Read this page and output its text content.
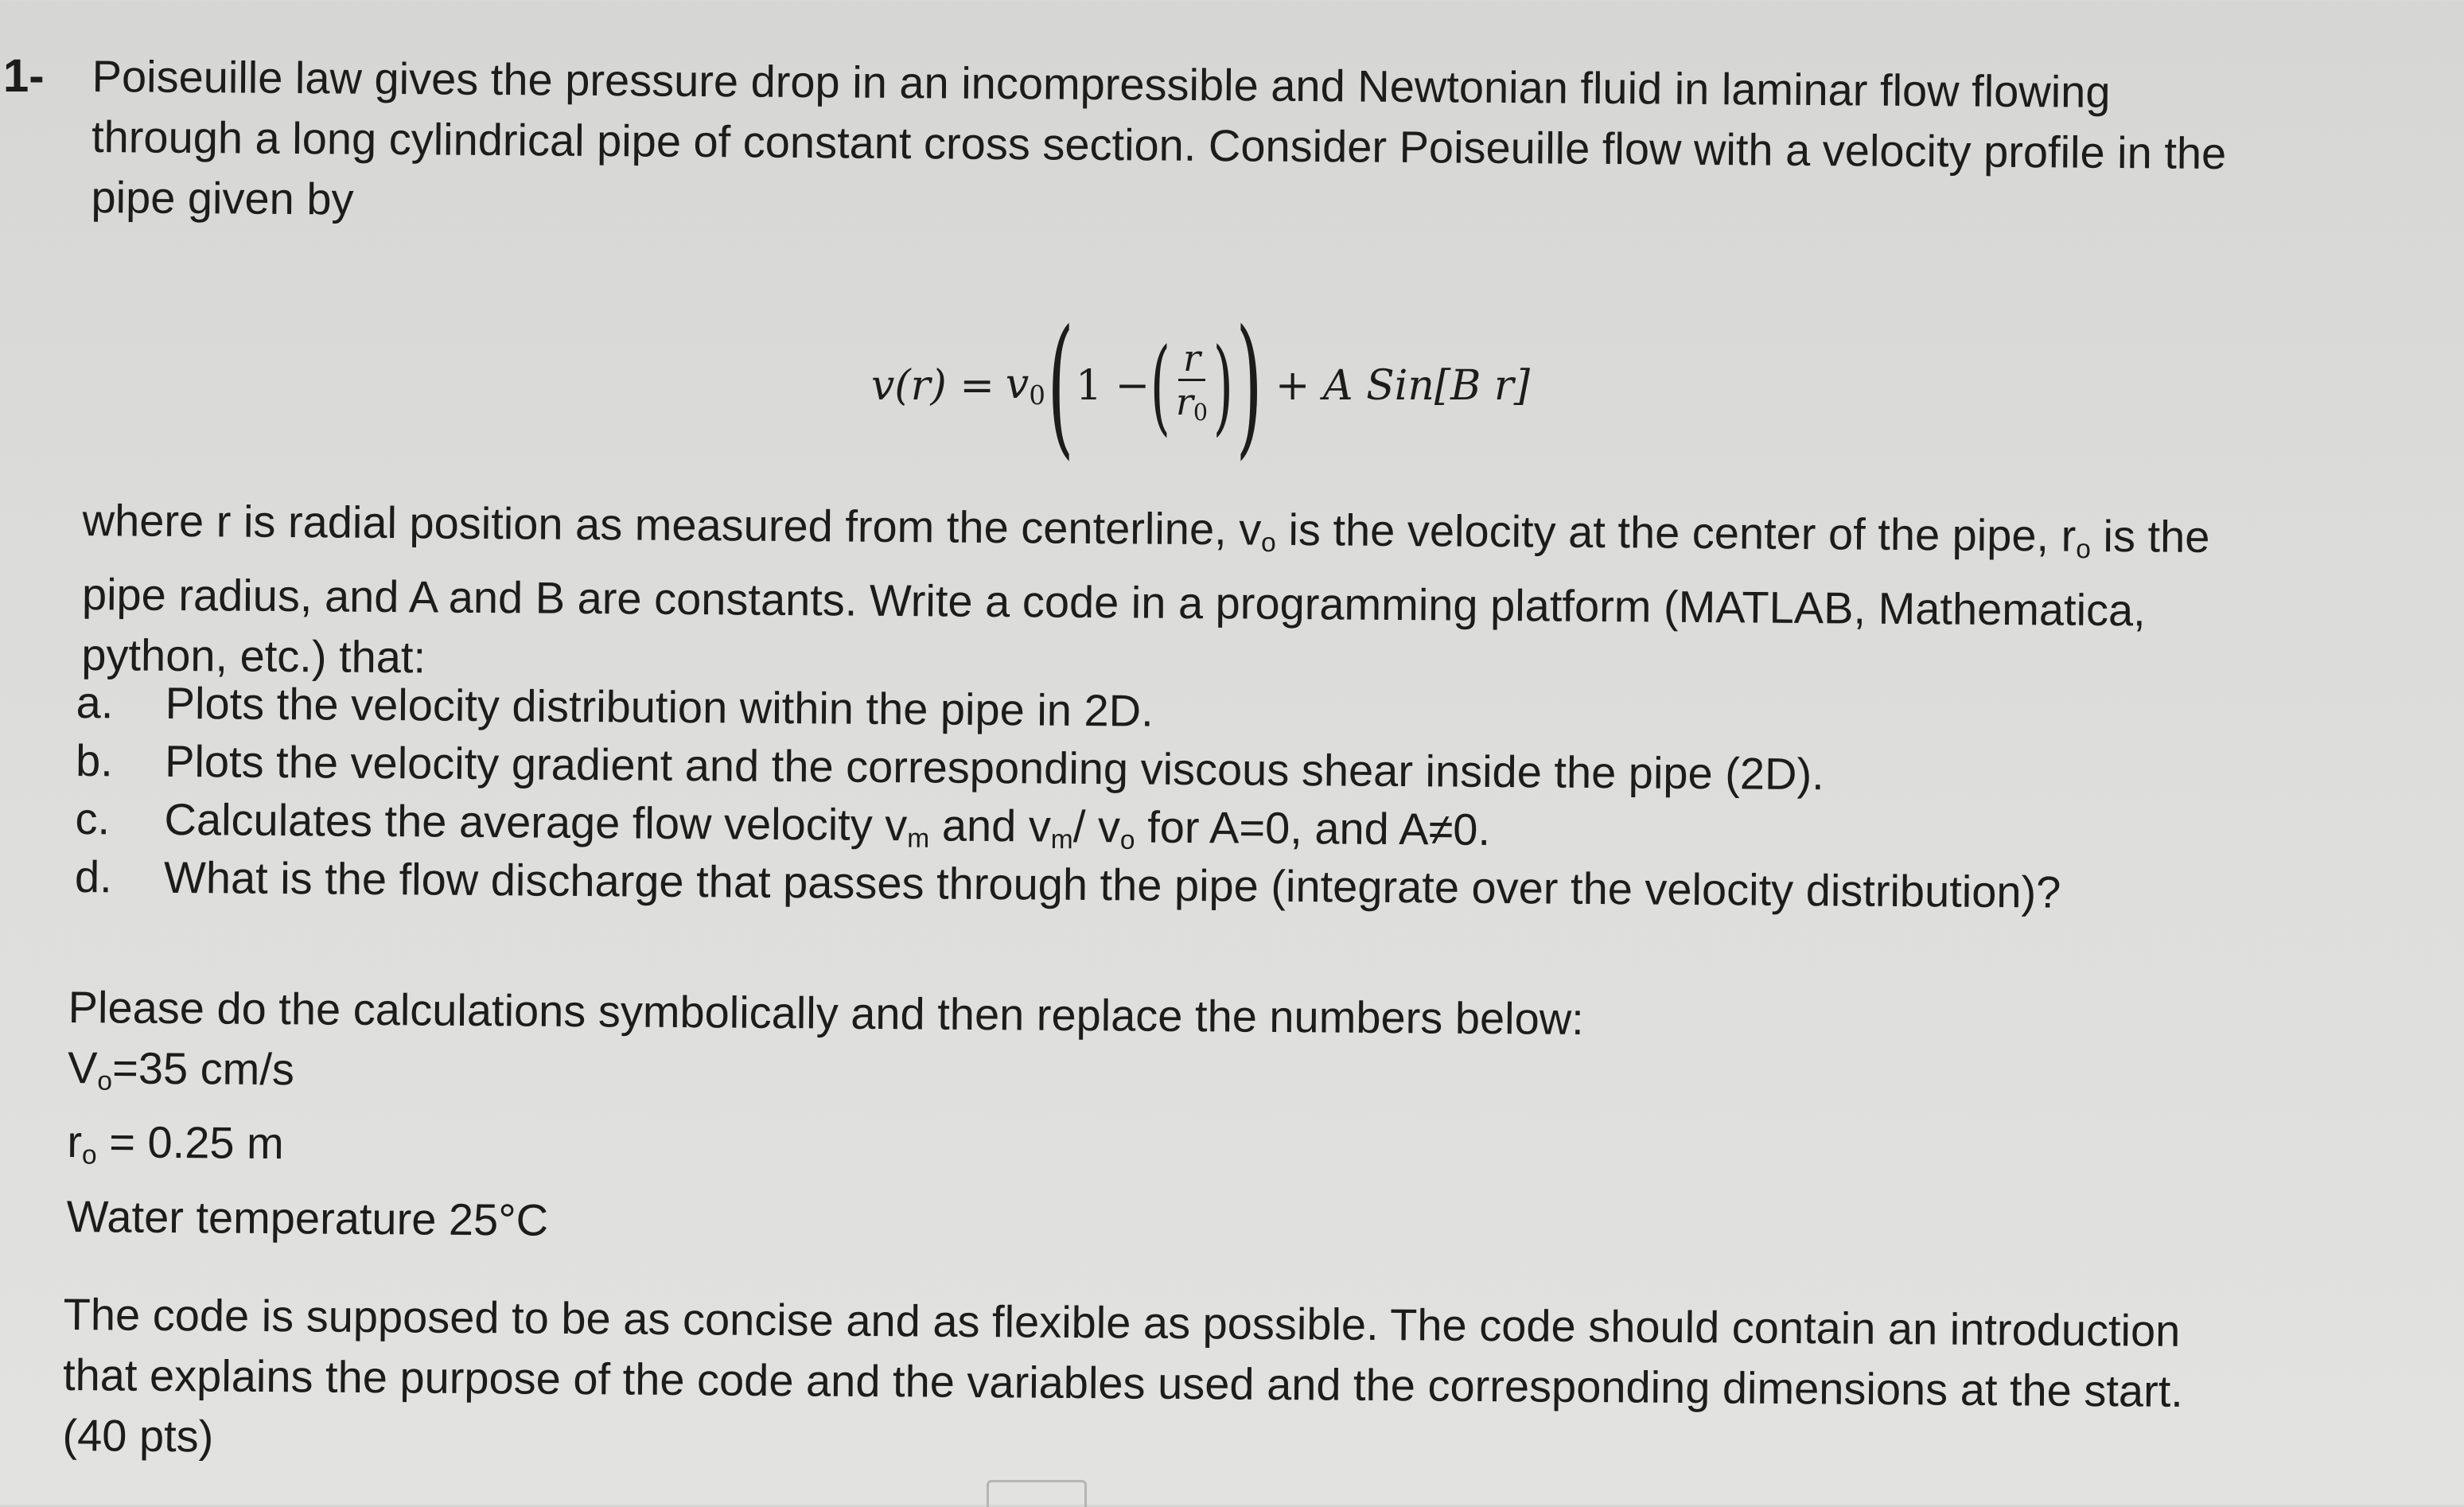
1- Poiseuille law gives the pressure drop in an incompressible and Newtonian fluid in laminar flow flowing
through a long cylindrical pipe of constant cross section. Consider Poiseuille flow with a velocity profile in the
pipe given by

$v(r) = v_0$ ( 1 − ( $\frac{r}{r_0}$ ) ) + A Sin[B r]

where r is radial position as measured from the centerline, vo is the velocity at the center of the pipe, ro is the
pipe radius, and A and B are constants. Write a code in a programming platform (MATLAB, Mathematica,
python, etc.) that:

a.	Plots the velocity distribution within the pipe in 2D.
b.	Plots the velocity gradient and the corresponding viscous shear inside the pipe (2D).
c.	Calculates the average flow velocity vm and vm/ vo for A=0, and A≠0.
d.	What is the flow discharge that passes through the pipe (integrate over the velocity distribution)?
Please do the calculations symbolically and then replace the numbers below:
Vo=35 cm/s
ro = 0.25 m
Water temperature 25°C

The code is supposed to be as concise and as flexible as possible. The code should contain an introduction
that explains the purpose of the code and the variables used and the corresponding dimensions at the start.
(40 pts)
